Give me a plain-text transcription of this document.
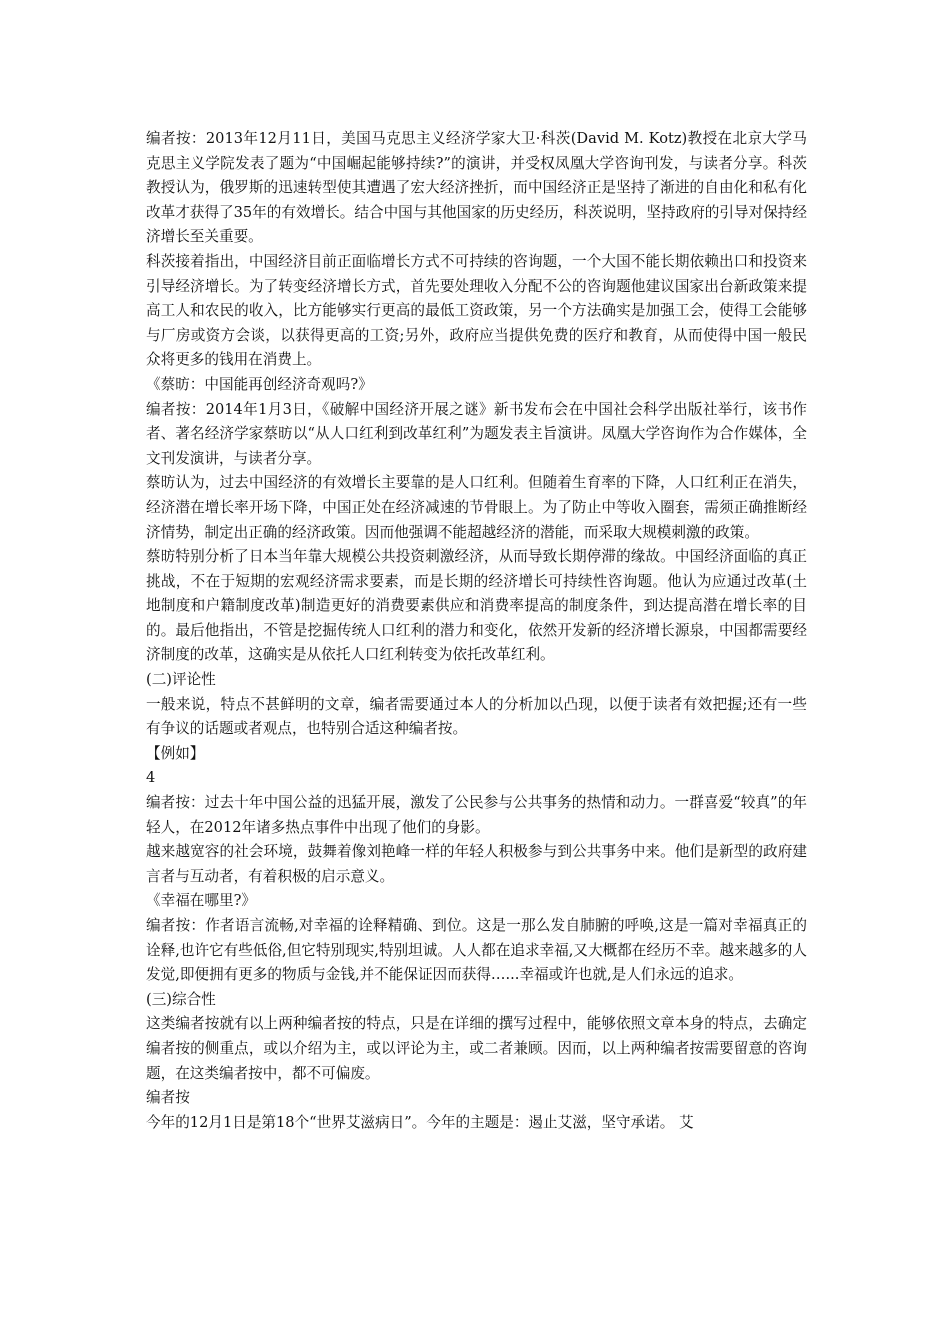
编者按：2013年12月11日，美国马克思主义经济学家大卫·科茨(David M. Kotz)教授在北京大学马克思主义学院发表了题为“中国崛起能够持续?”的演讲，并受权凤凰大学咨询刊发，与读者分享。科茨教授认为，俄罗斯的迅速转型使其遭遇了宏大经济挫折，而中国经济正是坚持了渐进的自由化和私有化改革才获得了35年的有效增长。结合中国与其他国家的历史经历，科茨说明，坚持政府的引导对保持经济增长至关重要。

科茨接着指出，中国经济目前正面临增长方式不可持续的咨询题，一个大国不能长期依赖出口和投资来引导经济增长。为了转变经济增长方式，首先要处理收入分配不公的咨询题他建议国家出台新政策来提高工人和农民的收入，比方能够实行更高的最低工资政策，另一个方法确实是加强工会，使得工会能够与厂房或资方会谈，以获得更高的工资;另外，政府应当提供免费的医疗和教育，从而使得中国一般民众将更多的钱用在消费上。

《蔡昉：中国能再创经济奇观吗?》

编者按：2014年1月3日，《破解中国经济开展之谜》新书发布会在中国社会科学出版社举行，该书作者、著名经济学家蔡昉以“从人口红利到改革红利”为题发表主旨演讲。凤凰大学咨询作为合作媒体，全文刊发演讲，与读者分享。

蔡昉认为，过去中国经济的有效增长主要靠的是人口红利。但随着生育率的下降，人口红利正在消失，经济潜在增长率开场下降，中国正处在经济减速的节骨眼上。为了防止中等收入圈套，需须正确推断经济情势，制定出正确的经济政策。因而他强调不能超越经济的潜能，而采取大规模刺激的政策。

蔡昉特别分析了日本当年靠大规模公共投资刺激经济，从而导致长期停滞的缘故。中国经济面临的真正挑战，不在于短期的宏观经济需求要素，而是长期的经济增长可持续性咨询题。他认为应通过改革(土地制度和户籍制度改革)制造更好的消费要素供应和消费率提高的制度条件，到达提高潜在增长率的目的。最后他指出，不管是挖掘传统人口红利的潜力和变化，依然开发新的经济增长源泉，中国都需要经济制度的改革，这确实是从依托人口红利转变为依托改革红利。

(二)评论性

一般来说，特点不甚鲜明的文章，编者需要通过本人的分析加以凸现，以便于读者有效把握;还有一些有争议的话题或者观点，也特别合适这种编者按。

【例如】

4

编者按：过去十年中国公益的迅猛开展，激发了公民参与公共事务的热情和动力。一群喜爱“较真”的年轻人，在2012年诸多热点事件中出现了他们的身影。

越来越宽容的社会环境，鼓舞着像刘艳峰一样的年轻人积极参与到公共事务中来。他们是新型的政府建言者与互动者，有着积极的启示意义。

《幸福在哪里?》

编者按：作者语言流畅,对幸福的诠释精确、到位。这是一那么发自肺腑的呼唤,这是一篇对幸福真正的诠释,也许它有些低俗,但它特别现实,特别坦诚。人人都在追求幸福,又大概都在经历不幸。越来越多的人发觉,即便拥有更多的物质与金钱,并不能保证因而获得…...幸福或许也就,是人们永远的追求。

(三)综合性

这类编者按就有以上两种编者按的特点，只是在详细的撰写过程中，能够依照文章本身的特点，去确定编者按的侧重点，或以介绍为主，或以评论为主，或二者兼顾。因而，以上两种编者按需要留意的咨询题，在这类编者按中，都不可偏废。

编者按

今年的12月1日是第18个“世界艾滋病日”。今年的主题是：遏止艾滋，坚守承诺。 艾
